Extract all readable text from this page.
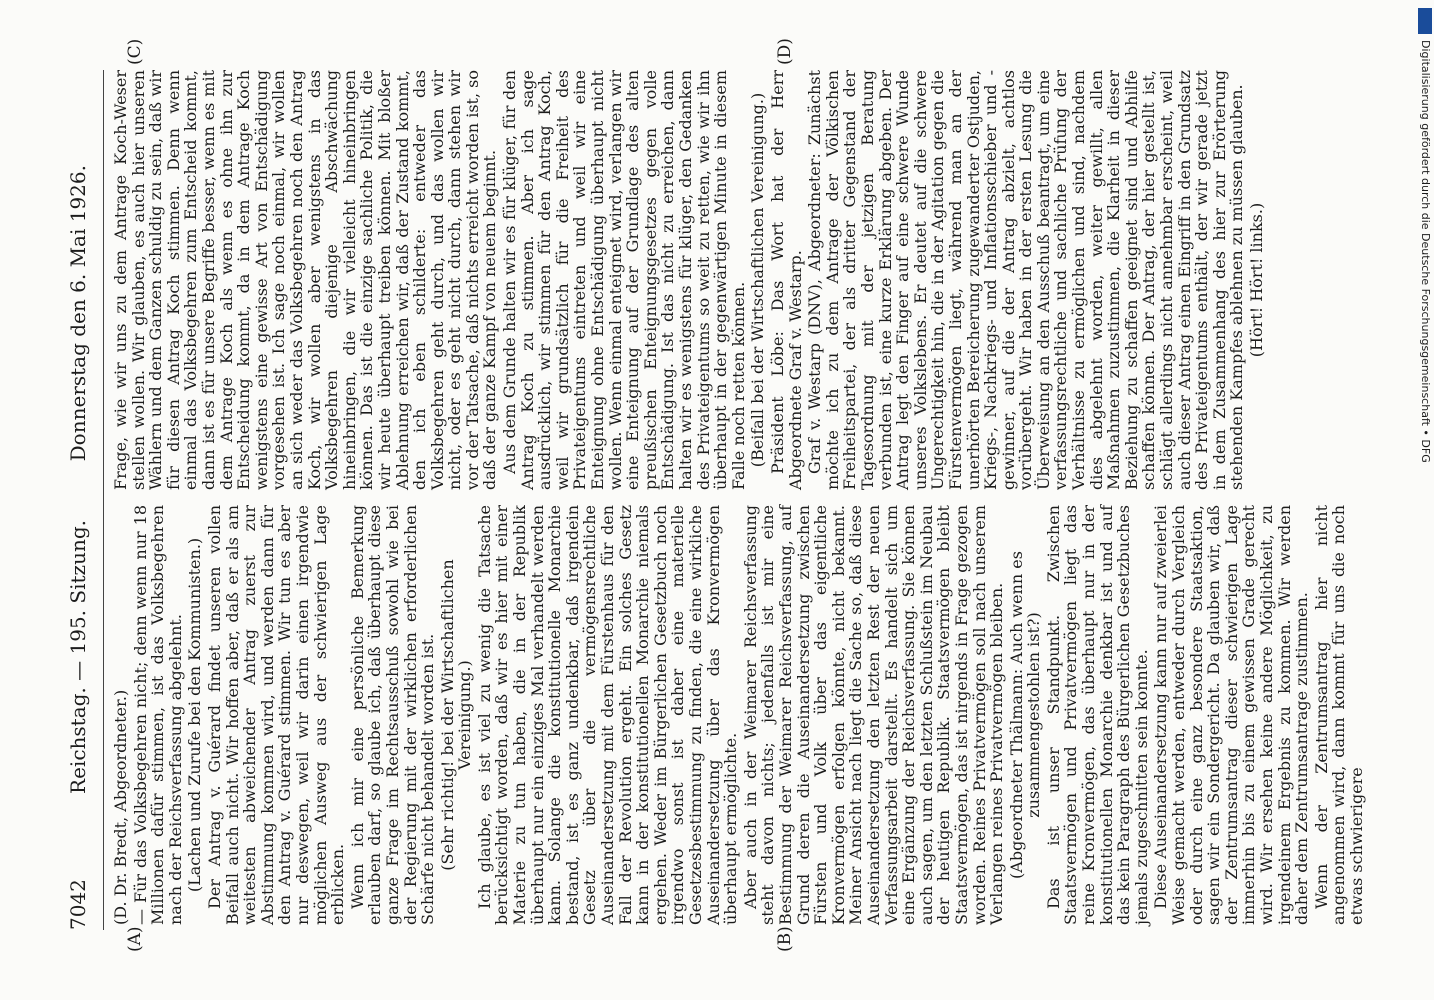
7042
Reichstag. — 195. Sitzung.
Donnerstag den 6. Mai 1926.
(A)	(B)
(C)	(D)

(D. Dr. Bredt, Abgeordneter.) — Für das Volksbegehren nicht; denn wenn nur 18 Millionen dafür stimmen, ist das Volksbegehren nach der Reichsverfassung abgelehnt. (Lachen und Zurufe bei den Kommunisten.) Der Antrag v. Guérard findet unseren vollen Beifall auch nicht. Wir hoffen aber, daß er als am weitesten abweichender Antrag zuerst zur Abstimmung kommen wird, und werden dann für den Antrag v. Guérard stimmen. Wir tun es aber nur deswegen, weil wir darin einen irgendwie möglichen Ausweg aus der schwierigen Lage erblicken. Wenn ich mir eine persönliche Bemerkung erlauben darf, so glaube ich, daß überhaupt diese ganze Frage im Rechtsausschuß sowohl wie bei der Regierung mit der wirklichen erforderlichen Schärfe nicht behandelt worden ist. (Sehr richtig! bei der Wirtschaftlichen Vereinigung.) Ich glaube, es ist viel zu wenig die Tatsache berücksichtigt worden, daß wir es hier mit einer Materie zu tun haben, die in der Republik überhaupt nur ein einziges Mal verhandelt werden kann. Solange die konstitutionelle Monarchie bestand, ist es ganz undenkbar, daß irgendein Gesetz über die vermögensrechtliche Auseinandersetzung mit dem Fürstenhaus für den Fall der Revolution ergeht. Ein solches Gesetz kann in der konstitutionellen Monarchie niemals ergehen. Weder im Bürgerlichen Gesetzbuch noch irgendwo sonst ist daher eine materielle Gesetzesbestimmung zu finden, die eine wirkliche Auseinandersetzung über das Kronvermögen überhaupt ermöglichte. Aber auch in der Weimarer Reichsverfassung steht davon nichts; jedenfalls ist mir eine Bestimmung der Weimarer Reichsverfassung, auf Grund deren die Auseinandersetzung zwischen Fürsten und Volk über das eigentliche Kronvermögen erfolgen könnte, nicht bekannt. Meiner Ansicht nach liegt die Sache so, daß diese Auseinandersetzung den letzten Rest der neuen Verfassungsarbeit darstellt. Es handelt sich um eine Ergänzung der Reichsverfassung. Sie können auch sagen, um den letzten Schlußstein im Neubau der heutigen Republik. Staatsvermögen bleibt Staatsvermögen, das ist nirgends in Frage gezogen worden. Reines Privatvermögen soll nach unserem Verlangen reines Privatvermögen bleiben. (Abgeordneter Thälmann: Auch wenn es zusammengestohlen ist?) Das ist unser Standpunkt. Zwischen Staatsvermögen und Privatvermögen liegt das reine Kronvermögen, das überhaupt nur in der konstitutionellen Monarchie denkbar ist und auf das kein Paragraph des Bürgerlichen Gesetzbuches jemals zugeschnitten sein konnte. Diese Auseinandersetzung kann nur auf zweierlei Weise gemacht werden, entweder durch Vergleich oder durch eine ganz besondere Staatsaktion, sagen wir ein Sondergericht. Da glauben wir, daß der Zentrumsantrag dieser schwierigen Lage immerhin bis zu einem gewissen Grade gerecht wird. Wir ersehen keine andere Möglichkeit, zu irgendeinem Ergebnis zu kommen. Wir werden daher dem Zentrumsantrage zustimmen. Wenn der Zentrumsantrag hier nicht angenommen wird, dann kommt für uns die noch etwas schwierigere

Frage, wie wir uns zu dem Antrage Koch-Weser stellen wollen. Wir glauben, es auch hier unseren Wählern und dem Ganzen schuldig zu sein, daß wir für diesen Antrag Koch stimmen. Denn wenn einmal das Volksbegehren zum Entscheid kommt, dann ist es für unsere Begriffe besser, wenn es mit dem Antrage Koch als wenn es ohne ihn zur Entscheidung kommt, da in dem Antrage Koch wenigstens eine gewisse Art von Entschädigung vorgesehen ist. Ich sage noch einmal, wir wollen an sich weder das Volksbegehren noch den Antrag Koch, wir wollen aber wenigstens in das Volksbegehren diejenige Abschwächung hineinbringen, die wir vielleicht hineinbringen können. Das ist die einzige sachliche Politik, die wir heute überhaupt treiben können. Mit bloßer Ablehnung erreichen wir, daß der Zustand kommt, den ich eben schilderte: entweder das Volksbegehren geht durch, und das wollen wir nicht, oder es geht nicht durch, dann stehen wir vor der Tatsache, daß nichts erreicht worden ist, so daß der ganze Kampf von neuem beginnt. Aus dem Grunde halten wir es für klüger, für den Antrag Koch zu stimmen. Aber ich sage ausdrücklich, wir stimmen für den Antrag Koch, weil wir grundsätzlich für die Freiheit des Privateigentums eintreten und weil wir eine Enteignung ohne Entschädigung überhaupt nicht wollen. Wenn einmal enteignet wird, verlangen wir eine Enteignung auf der Grundlage des alten preußischen Enteignungsgesetzes gegen volle Entschädigung. Ist das nicht zu erreichen, dann halten wir es wenigstens für klüger, den Gedanken des Privateigentums so weit zu retten, wie wir ihn überhaupt in der gegenwärtigen Minute in diesem Falle noch retten können. (Beifall bei der Wirtschaftlichen Vereinigung.) Präsident Löbe: Das Wort hat der Herr Abgeordnete Graf v. Westarp. Graf v. Westarp (DNV), Abgeordneter: Zunächst möchte ich zu dem Antrage der Völkischen Freiheitspartei, der als dritter Gegenstand der Tagesordnung mit der jetzigen Beratung verbunden ist, eine kurze Erklärung abgeben. Der Antrag legt den Finger auf eine schwere Wunde unseres Volkslebens. Er deutet auf die schwere Ungerechtigkeit hin, die in der Agitation gegen die Fürstenvermögen liegt, während man an der unerhörten Bereicherung zugewanderter Ostjuden, Kriegs-, Nachkriegs- und Inflationsschieber und -gewinner, auf die der Antrag abzielt, achtlos vorübergeht. Wir haben in der ersten Lesung die Überweisung an den Ausschuß beantragt, um eine verfassungsrechtliche und sachliche Prüfung der Verhältnisse zu ermöglichen und sind, nachdem dies abgelehnt worden, weiter gewillt, allen Maßnahmen zuzustimmen, die Klarheit in dieser Beziehung zu schaffen geeignet sind und Abhilfe schaffen können. Der Antrag, der hier gestellt ist, schlägt allerdings nicht annehmbar erscheint, weil auch dieser Antrag einen Eingriff in den Grundsatz des Privateigentums enthält, der wir gerade jetzt in dem Zusammenhang des hier zur Erörterung stehenden Kampfes ablehnen zu müssen glauben. (Hört! Hört! links.)	Digitalisierung gefördert durch die Deutsche Forschungsgemeinschaft • DFG
